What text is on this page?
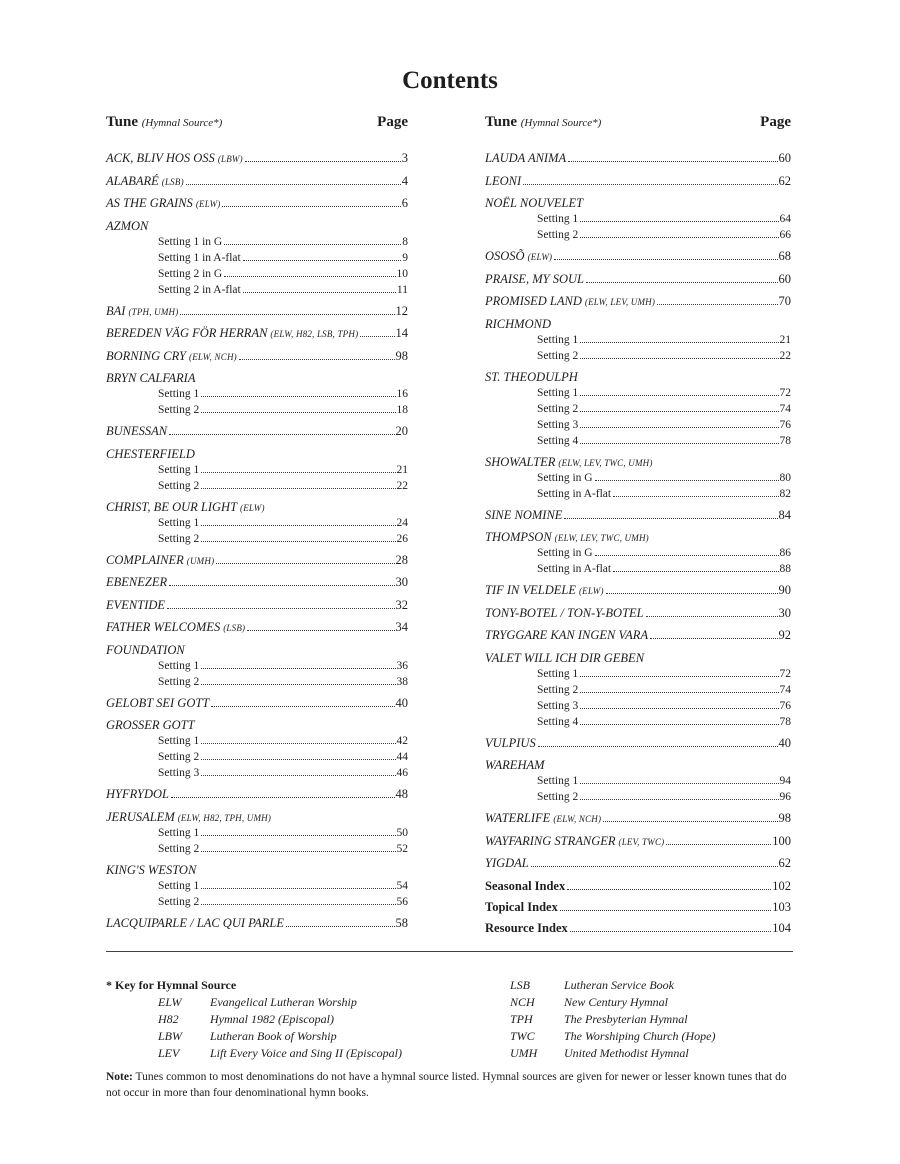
Contents
Tune (Hymnal Source*)	Page
ACK, BLIV HOS OSS (LBW)	3
ALABARÉ (LSB)	4
AS THE GRAINS (ELW)	6
AZMON
Setting 1 in G	8
Setting 1 in A-flat	9
Setting 2 in G	10
Setting 2 in A-flat	11
BAI (TPH, UMH)	12
BEREDEN VÄG FÖR HERRAN (ELW, H82, LSB, TPH)	14
BORNING CRY (ELW, NCH)	98
BRYN CALFARIA
Setting 1	16
Setting 2	18
BUNESSAN	20
CHESTERFIELD
Setting 1	21
Setting 2	22
CHRIST, BE OUR LIGHT (ELW)
Setting 1	24
Setting 2	26
COMPLAINER (UMH)	28
EBENEZER	30
EVENTIDE	32
FATHER WELCOMES (LSB)	34
FOUNDATION
Setting 1	36
Setting 2	38
GELOBT SEI GOTT	40
GROSSER GOTT
Setting 1	42
Setting 2	44
Setting 3	46
HYFRYDOL	48
JERUSALEM (ELW, H82, TPH, UMH)
Setting 1	50
Setting 2	52
KING'S WESTON
Setting 1	54
Setting 2	56
LACQUIPARLE / LAC QUI PARLE	58
Tune (Hymnal Source*)	Page
LAUDA ANIMA	60
LEONI	62
NOËL NOUVELET
Setting 1	64
Setting 2	66
OSOSÕ (ELW)	68
PRAISE, MY SOUL	60
PROMISED LAND (ELW, LEV, UMH)	70
RICHMOND
Setting 1	21
Setting 2	22
ST. THEODULPH
Setting 1	72
Setting 2	74
Setting 3	76
Setting 4	78
SHOWALTER (ELW, LEV, TWC, UMH)
Setting in G	80
Setting in A-flat	82
SINE NOMINE	84
THOMPSON (ELW, LEV, TWC, UMH)
Setting in G	86
Setting in A-flat	88
TIF IN VELDELE (ELW)	90
TONY-BOTEL / TON-Y-BOTEL	30
TRYGGARE KAN INGEN VARA	92
VALET WILL ICH DIR GEBEN
Setting 1	72
Setting 2	74
Setting 3	76
Setting 4	78
VULPIUS	40
WAREHAM
Setting 1	94
Setting 2	96
WATERLIFE (ELW, NCH)	98
WAYFARING STRANGER (LEV, TWC)	100
YIGDAL	62
Seasonal Index	102
Topical Index	103
Resource Index	104
* Key for Hymnal Source
ELW	Evangelical Lutheran Worship
H82	Hymnal 1982 (Episcopal)
LBW	Lutheran Book of Worship
LEV	Lift Every Voice and Sing II (Episcopal)
LSB	Lutheran Service Book
NCH	New Century Hymnal
TPH	The Presbyterian Hymnal
TWC	The Worshiping Church (Hope)
UMH	United Methodist Hymnal
Note: Tunes common to most denominations do not have a hymnal source listed. Hymnal sources are given for newer or lesser known tunes that do not occur in more than four denominational hymn books.
